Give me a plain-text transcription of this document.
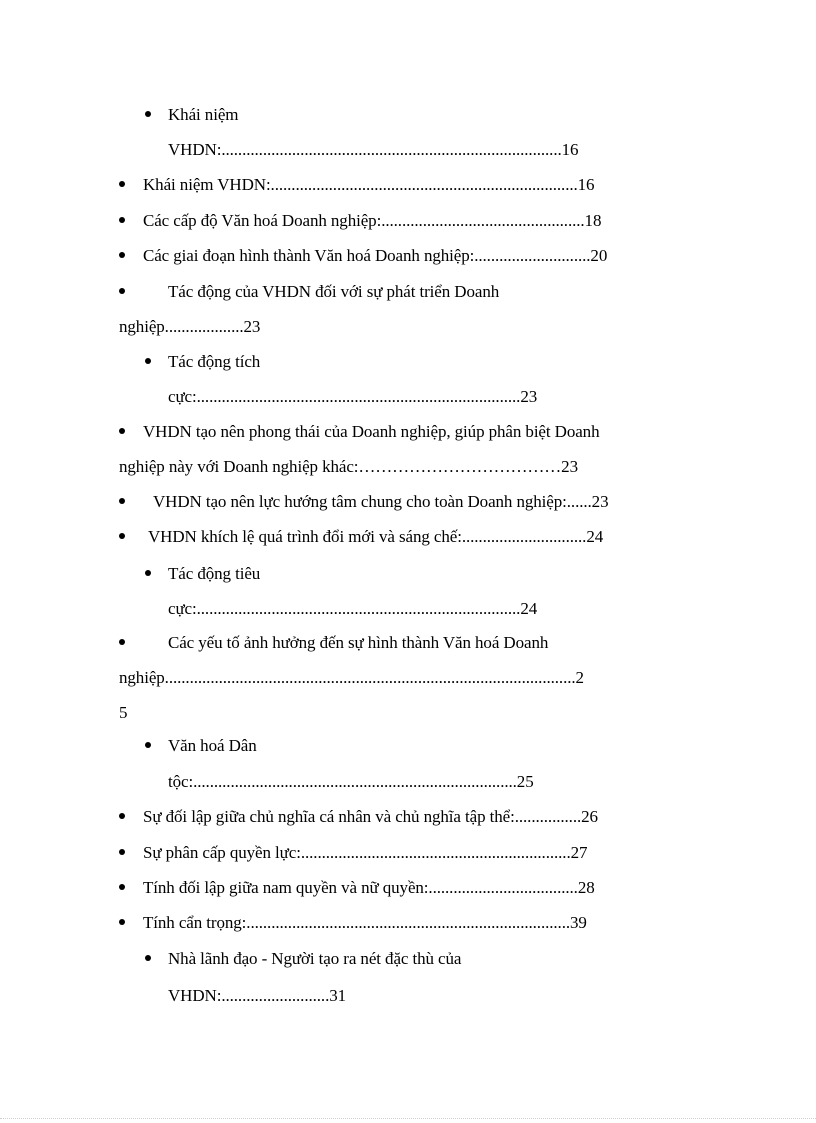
Khái niệm
VHDN:..................................................................................16
Khái niệm VHDN:..........................................................................16
Các cấp độ Văn hoá Doanh nghiệp:.................................................18
Các giai đoạn hình thành Văn hoá Doanh nghiệp:............................20
Tác động của VHDN đối với sự phát triển Doanh
nghiệp...................23
Tác động tích
cực:..............................................................................23
VHDN tạo nên phong thái của Doanh nghiệp, giúp phân biệt Doanh
nghiệp này với Doanh nghiệp khác:………………………………23
VHDN tạo nên lực hướng tâm chung cho toàn Doanh nghiệp:......23
VHDN khích lệ quá trình đổi mới và sáng chế:..............................24
Tác động tiêu
cực:..............................................................................24
Các yếu tố ảnh hưởng đến sự hình thành Văn hoá Doanh
nghiệp...................................................................................................2
5
Văn hoá Dân
tộc:..............................................................................25
Sự đối lập giữa chủ nghĩa cá nhân và chủ nghĩa tập thể:................26
Sự phân cấp quyền lực:.................................................................27
Tính đối lập giữa nam quyền và nữ quyền:....................................28
Tính cẩn trọng:..............................................................................39
Nhà lãnh đạo - Người tạo ra nét đặc thù của
VHDN:..........................31
